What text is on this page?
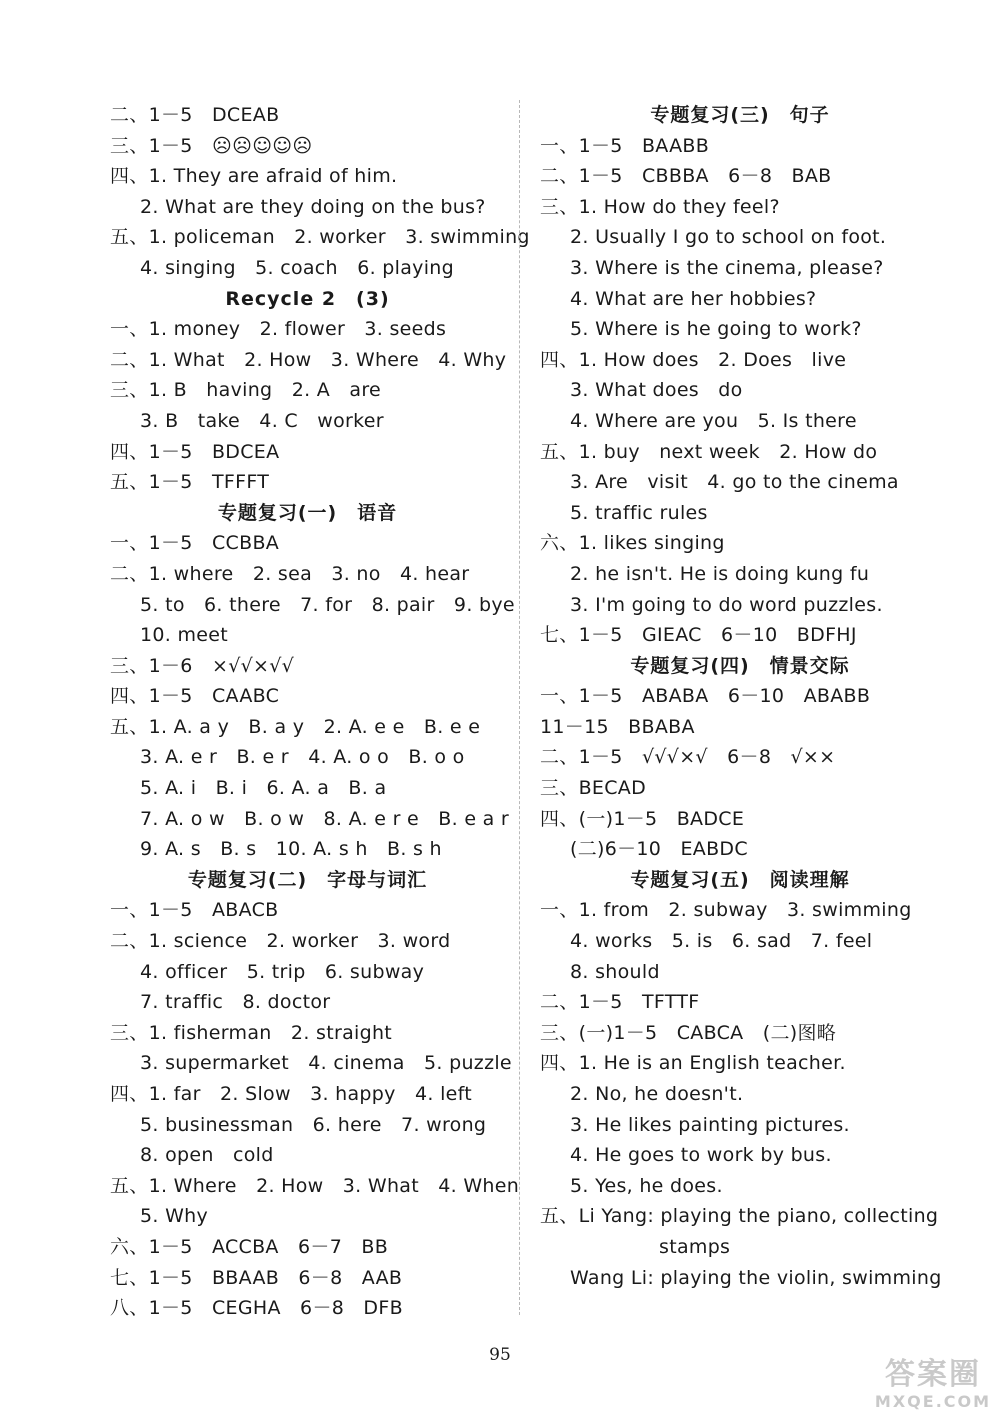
二、1－5　DCEAB
三、1－5　☹☹☺☺☹
四、1. They are afraid of him.
2. What are they doing on the bus?
五、1. policeman　2. worker　3. swimming
4. singing　5. coach　6. playing
Recycle 2　(3)
一、1. money　2. flower　3. seeds
二、1. What　2. How　3. Where　4. Why
三、1. B　having　2. A　are
3. B　take　4. C　worker
四、1－5　BDCEA
五、1－5　TFFFT
专题复习(一)　语音
一、1－5　CCBBA
二、1. where　2. sea　3. no　4. hear
5. to　6. there　7. for　8. pair　9. bye
10. meet
三、1－6　×√√×√√
四、1－5　CAABC
五、1. A. a y　B. a y　2. A. e e　B. e e
3. A. e r　B. e r　4. A. o o　B. o o
5. A. i　B. i　6. A. a　B. a
7. A. o w　B. o w　8. A. e r e　B. e a r
9. A. s　B. s　10. A. s h　B. s h
专题复习(二)　字母与词汇
一、1－5　ABACB
二、1. science　2. worker　3. word
4. officer　5. trip　6. subway
7. traffic　8. doctor
三、1. fisherman　2. straight
3. supermarket　4. cinema　5. puzzle
四、1. far　2. Slow　3. happy　4. left
5. businessman　6. here　7. wrong
8. open　cold
五、1. Where　2. How　3. What　4. When
5. Why
六、1－5　ACCBA　6－7　BB
七、1－5　BBAAB　6－8　AAB
八、1－5　CEGHA　6－8　DFB
专题复习(三)　句子
一、1－5　BAABB
二、1－5　CBBBA　6－8　BAB
三、1. How do they feel?
2. Usually I go to school on foot.
3. Where is the cinema, please?
4. What are her hobbies?
5. Where is he going to work?
四、1. How does　2. Does　live
3. What does　do
4. Where are you　5. Is there
五、1. buy　next week　2. How do
3. Are　visit　4. go to the cinema
5. traffic rules
六、1. likes singing
2. he isn't. He is doing kung fu
3. I'm going to do word puzzles.
七、1－5　GIEAC　6－10　BDFHJ
专题复习(四)　情景交际
一、1－5　ABABA　6－10　ABABB
11－15　BBABA
二、1－5　√√√×√　6－8　√××
三、BECAD
四、(一)1－5　BADCE
(二)6－10　EABDC
专题复习(五)　阅读理解
一、1. from　2. subway　3. swimming
4. works　5. is　6. sad　7. feel
8. should
二、1－5　TFTTF
三、(一)1－5　CABCA　(二)图略
四、1. He is an English teacher.
2. No, he doesn't.
3. He likes painting pictures.
4. He goes to work by bus.
5. Yes, he does.
五、Li Yang: playing the piano, collecting
stamps
Wang Li: playing the violin, swimming
95
答案圈
MXQE.COM
